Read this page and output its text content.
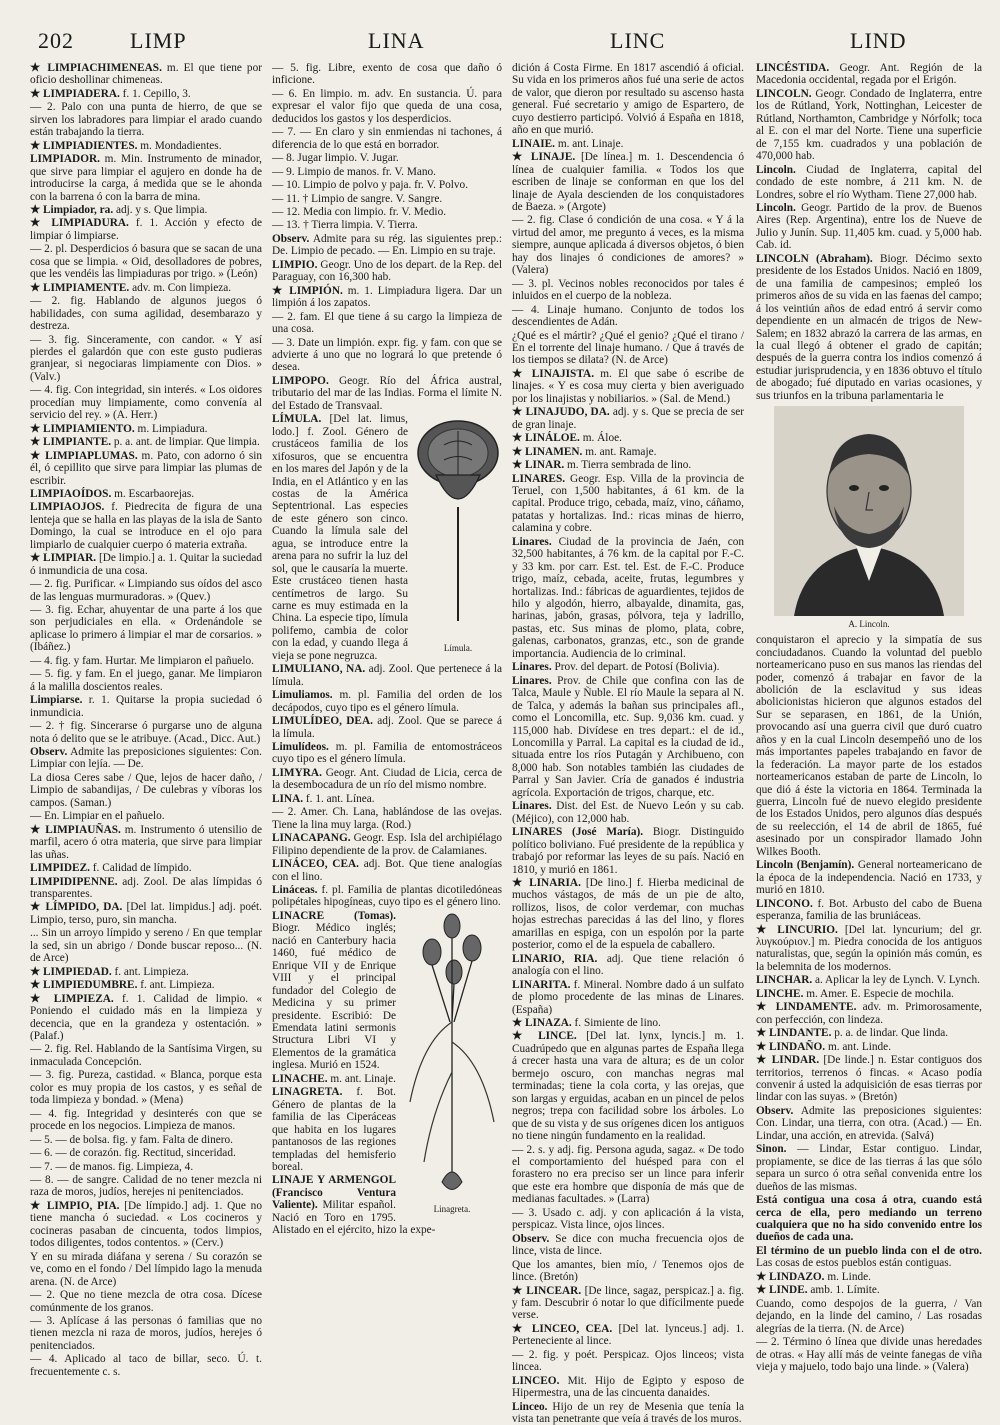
202	LIMP	LINA	LINC	LIND

★ LIMPIACHIMENEAS. m. El que tiene por oficio deshollinar chimeneas.

★ LIMPIADERA. f. 1. Cepillo, 3.

— 2. Palo con una punta de hierro, de que se sirven los labradores para limpiar el arado cuando están trabajando la tierra.

★ LIMPIADIENTES. m. Mondadientes.

LIMPIADOR. m. Min. Instrumento de minador, que sirve para limpiar el agujero en donde ha de introducirse la carga, á medida que se le ahonda con la barrena ó con la barra de mina.

★ Limpiador, ra. adj. y s. Que limpia.

★ LIMPIADURA. f. 1. Acción y efecto de limpiar ó limpiarse.

— 2. pl. Desperdicios ó basura que se sacan de una cosa que se limpia. « Oid, desolladores de pobres, que les vendéis las limpiaduras por trigo. » (León)

★ LIMPIAMENTE. adv. m. Con limpieza.

— 2. fig. Hablando de algunos juegos ó habilidades, con suma agilidad, desembarazo y destreza.

— 3. fig. Sinceramente, con candor. « Y así pierdes el galardón que con este gusto pudieras granjear, si negociaras limpiamente con Dios. » (Valv.)

— 4. fig. Con integridad, sin interés. « Los oidores procedían muy limpiamente, como convenía al servicio del rey. » (A. Herr.)

★ LIMPIAMIENTO. m. Limpiadura.

★ LIMPIANTE. p. a. ant. de limpiar. Que limpia.

★ LIMPIAPLUMAS. m. Pato, con adorno ó sin él, ó cepillito que sirve para limpiar las plumas de escribir.

LIMPIAOÍDOS. m. Escarbaorejas.

LIMPIAOJOS. f. Piedrecita de figura de una lenteja que se halla en las playas de la isla de Santo Domingo, la cual se introduce en el ojo para limpiarlo de cualquier cuerpo ó materia extraña.

★ LIMPIAR. [De limpio.] a. 1. Quitar la suciedad ó inmundicia de una cosa.

— 2. fig. Purificar. « Limpiando sus oídos del asco de las lenguas murmuradoras. » (Quev.)

— 3. fig. Echar, ahuyentar de una parte á los que son perjudiciales en ella. « Ordenándole se aplicase lo primero á limpiar el mar de corsarios. » (Ibáñez.)

— 4. fig. y fam. Hurtar. Me limpiaron el pañuelo.

— 5. fig. y fam. En el juego, ganar. Me limpiaron á la malilla doscientos reales.

Limpiarse. r. 1. Quitarse la propia suciedad ó inmundicia.

— 2. † fig. Sincerarse ó purgarse uno de alguna nota ó delito que se le atribuye. (Acad., Dicc. Aut.)

Observ. Admite las preposiciones siguientes: Con. Limpiar con lejía. — De.

La diosa Ceres sabe / Que, lejos de hacer daño, / Limpio de sabandijas, / De culebras y víboras los campos. (Saman.)

— En. Limpiar en el pañuelo.

★ LIMPIAUÑAS. m. Instrumento ó utensilio de marfil, acero ó otra materia, que sirve para limpiar las uñas.

LIMPIDEZ. f. Calidad de límpido.

LIMPIDIPENNE. adj. Zool. De alas límpidas ó transparentes.

★ LÍMPIDO, DA. [Del lat. limpidus.] adj. poét. Limpio, terso, puro, sin mancha.

... Sin un arroyo límpido y sereno / En que templar la sed, sin un abrigo / Donde buscar reposo... (N. de Arce)

★ LIMPIEDAD. f. ant. Limpieza.

★ LIMPIEDUMBRE. f. ant. Limpieza.

★ LIMPIEZA. f. 1. Calidad de limpio. « Poniendo el cuidado más en la limpieza y decencia, que en la grandeza y ostentación. » (Palaf.)

— 2. fig. Rel. Hablando de la Santísima Virgen, su inmaculada Concepción.

— 3. fig. Pureza, castidad. « Blanca, porque esta color es muy propia de los castos, y es señal de toda limpieza y bondad. » (Mena)

— 4. fig. Integridad y desinterés con que se procede en los negocios. Limpieza de manos.

— 5. — de bolsa. fig. y fam. Falta de dinero.

— 6. — de corazón. fig. Rectitud, sinceridad.

— 7. — de manos. fig. Limpieza, 4.

— 8. — de sangre. Calidad de no tener mezcla ni raza de moros, judíos, herejes ni penitenciados.

★ LIMPIO, PIA. [De límpido.] adj. 1. Que no tiene mancha ó suciedad. « Los cocineros y cocineras pasaban de cincuenta, todos limpios, todos diligentes, todos contentos. » (Cerv.)

Y en su mirada diáfana y serena / Su corazón se ve, como en el fondo / Del límpido lago la menuda arena. (N. de Arce)

— 2. Que no tiene mezcla de otra cosa. Dícese comúnmente de los granos.

— 3. Aplícase á las personas ó familias que no tienen mezcla ni raza de moros, judíos, herejes ó penitenciados.

— 4. Aplicado al taco de billar, seco. Ú. t. frecuentemente c. s.

— 5. fig. Libre, exento de cosa que daño ó inficione.

— 6. En limpio. m. adv. En sustancia. Ú. para expresar el valor fijo que queda de una cosa, deducidos los gastos y los desperdicios.

— 7. — En claro y sin enmiendas ni tachones, á diferencia de lo que está en borrador.

— 8. Jugar limpio. V. Jugar.

— 9. Limpio de manos. fr. V. Mano.

— 10. Limpio de polvo y paja. fr. V. Polvo.

— 11. † Limpio de sangre. V. Sangre.

— 12. Media con limpio. fr. V. Medio.

— 13. † Tierra limpia. V. Tierra.

Observ. Admite para su rég. las siguientes prep.: De. Limpio de pecado. — En. Limpio en su traje.

LIMPIO. Geogr. Uno de los depart. de la Rep. del Paraguay, con 16,300 hab.

★ LIMPIÓN. m. 1. Limpiadura ligera. Dar un limpión á los zapatos.

— 2. fam. El que tiene á su cargo la limpieza de una cosa.

— 3. Date un limpión. expr. fig. y fam. con que se advierte á uno que no logrará lo que pretende ó desea.

LIMPOPO. Geogr. Río del África austral, tributario del mar de las Indias. Forma el límite N. del Estado de Transvaal.

Límula.

LÍMULA. [Del lat. limus, lodo.] f. Zool. Género de crustáceos familia de los xifosuros, que se encuentra en los mares del Japón y de la India, en el Atlántico y en las costas de la América Septentrional. Las especies de este género son cinco. Cuando la límula sale del agua, se introduce entre la arena para no sufrir la luz del sol, que le causaría la muerte. Este crustáceo tienen hasta centímetros de largo. Su carne es muy estimada en la China. La especie tipo, límula polifemo, cambia de color con la edad, y cuando llega á vieja se pone negruzca.

LIMULIANO, NA. adj. Zool. Que pertenece á la límula.

Limuliamos. m. pl. Familia del orden de los decápodos, cuyo tipo es el género límula.

LIMULÍDEO, DEA. adj. Zool. Que se parece á la límula.

Limulídeos. m. pl. Familia de entomostráceos cuyo tipo es el género límula.

LIMYRA. Geogr. Ant. Ciudad de Licia, cerca de la desembocadura de un río del mismo nombre.

LINA. f. 1. ant. Línea.

— 2. Amer. Ch. Lana, hablándose de las ovejas. Tiene la lina muy larga. (Rod.)

LINACAPANG. Geogr. Esp. Isla del archipiélago Filipino dependiente de la prov. de Calamianes.

LINÁCEO, CEA. adj. Bot. Que tiene analogías con el lino.

Lináceas. f. pl. Familia de plantas dicotiledóneas polipétales hipogíneas, cuyo tipo es el género lino.

Linagreta.

LINACRE (Tomas). Biogr. Médico inglés; nació en Canterbury hacia 1460, fué médico de Enrique VII y de Enrique VIII y el principal fundador del Colegio de Medicina y su primer presidente. Escribió: De Emendata latini sermonis Structura Libri VI y Elementos de la gramática inglesa. Murió en 1524.

LINACHE. m. ant. Linaje.

LINAGRETA. f. Bot. Género de plantas de la familia de las Ciperáceas que habita en los lugares pantanosos de las regiones templadas del hemisferio boreal.

LINAJE Y ARMENGOL (Francisco Ventura Valiente). Militar español. Nació en Toro en 1795. Alistado en el ejército, hizo la expe-

dición á Costa Firme. En 1817 ascendió á oficial. Su vida en los primeros años fué una serie de actos de valor, que dieron por resultado su ascenso hasta general. Fué secretario y amigo de Espartero, de cuyo destierro participó. Volvió á España en 1818, año en que murió.

LINAIE. m. ant. Linaje.

★ LINAJE. [De línea.] m. 1. Descendencia ó línea de cualquier familia. « Todos los que escriben de linaje se conforman en que los del linaje de Ayala descienden de los conquistadores de Baeza. » (Argote)

— 2. fig. Clase ó condición de una cosa. « Y á la virtud del amor, me pregunto á veces, es la misma siempre, aunque aplicada á diversos objetos, ó bien hay dos linajes ó condiciones de amores? » (Valera)

— 3. pl. Vecinos nobles reconocidos por tales é inluidos en el cuerpo de la nobleza.

— 4. Linaje humano. Conjunto de todos los descendientes de Adán.

¿Qué es el mártir? ¿Qué el genio? ¿Qué el tirano / En el torrente del linaje humano. / Que á través de los tiempos se dilata? (N. de Arce)

★ LINAJISTA. m. El que sabe ó escribe de linajes. « Y es cosa muy cierta y bien averiguado por los linajistas y nobiliarios. » (Sal. de Mend.)

★ LINAJUDO, DA. adj. y s. Que se precia de ser de gran linaje.

★ LINÁLOE. m. Áloe.

★ LINAMEN. m. ant. Ramaje.

★ LINAR. m. Tierra sembrada de lino.

LINARES. Geogr. Esp. Villa de la provincia de Teruel, con 1,500 habitantes, á 61 km. de la capital. Produce trigo, cebada, maíz, vino, cáñamo, patatas y hortalizas. Ind.: ricas minas de hierro, calamina y cobre.

Linares. Ciudad de la provincia de Jaén, con 32,500 habitantes, á 76 km. de la capital por F.-C. y 33 km. por carr. Est. tel. Est. de F.-C. Produce trigo, maíz, cebada, aceite, frutas, legumbres y hortalizas. Ind.: fábricas de aguardientes, tejidos de hilo y algodón, hierro, albayalde, dinamita, gas, harinas, jabón, grasas, pólvora, teja y ladrillo, pastas, etc. Sus minas de plomo, plata, cobre, galenas, carbonatos, granzas, etc., son de grande importancia. Audiencia de lo criminal.

Linares. Prov. del depart. de Potosí (Bolivia).

Linares. Prov. de Chile que confina con las de Talca, Maule y Ñuble. El río Maule la separa al N. de Talca, y además la bañan sus principales afl., como el Loncomilla, etc. Sup. 9,036 km. cuad. y 115,000 hab. Divídese en tres depart.: el de id., Loncomilla y Parral. La capital es la ciudad de id., situada entre los ríos Putagán y Archibueno, con 8,000 hab. Son notables también las ciudades de Parral y San Javier. Cría de ganados é industria agrícola. Exportación de trigos, charque, etc.

Linares. Dist. del Est. de Nuevo León y su cab. (Méjico), con 12,000 hab.

LINARES (José María). Biogr. Distinguido político boliviano. Fué presidente de la república y trabajó por reformar las leyes de su país. Nació en 1810, y murió en 1861.

★ LINARIA. [De lino.] f. Hierba medicinal de muchos vástagos, de más de un pie de alto, rollizos, lisos, de color verdemar, con muchas hojas estrechas parecidas á las del lino, y flores amarillas en espiga, con un espolón por la parte posterior, como el de la espuela de caballero.

LINARIO, RIA. adj. Que tiene relación ó analogía con el lino.

LINARITA. f. Mineral. Nombre dado á un sulfato de plomo procedente de las minas de Linares. (España)

★ LINAZA. f. Simiente de lino.

★ LINCE. [Del lat. lynx, lyncis.] m. 1. Cuadrúpedo que en algunas partes de España llega á crecer hasta una vara de altura; es de un color bermejo oscuro, con manchas negras mal terminadas; tiene la cola corta, y las orejas, que son largas y erguidas, acaban en un pincel de pelos negros; trepa con facilidad sobre los árboles. Lo que de su vista y de sus orígenes dicen los antiguos no tiene ningún fundamento en la realidad.

— 2. s. y adj. fig. Persona aguda, sagaz. « De todo el comportamiento del huésped para con el forastero no era preciso ser un lince para inferir que este era hombre que disponía de más que de medianas facultades. » (Larra)

— 3. Usado c. adj. y con aplicación á la vista, perspicaz. Vista lince, ojos linces.

Observ. Se dice con mucha frecuencia ojos de lince, vista de lince.

Que los amantes, bien mío, / Tenemos ojos de lince. (Bretón)

★ LINCEAR. [De lince, sagaz, perspicaz.] a. fig. y fam. Descubrir ó notar lo que difícilmente puede verse.

★ LINCEO, CEA. [Del lat. lynceus.] adj. 1. Perteneciente al lince.

— 2. fig. y poét. Perspicaz. Ojos linceos; vista lincea.

LINCEO. Mit. Hijo de Egipto y esposo de Hipermestra, una de las cincuenta danaides.

Linceo. Hijo de un rey de Mesenia que tenía la vista tan penetrante que veía á través de los muros.

LINCÉSTIDA. Geogr. Ant. Región de la Macedonia occidental, regada por el Erigón.

LINCOLN. Geogr. Condado de Inglaterra, entre los de Rútland, York, Nottinghan, Leicester de Rútland, Northamton, Cambridge y Nórfolk; toca al E. con el mar del Norte. Tiene una superficie de 7,155 km. cuadrados y una población de 470,000 hab.

Lincoln. Ciudad de Inglaterra, capital del condado de este nombre, á 211 km. N. de Londres, sobre el río Wytham. Tiene 27,000 hab.

Lincoln. Geogr. Partido de la prov. de Buenos Aires (Rep. Argentina), entre los de Nueve de Julio y Junín. Sup. 11,405 km. cuad. y 5,000 hab. Cab. id.

LINCOLN (Abraham). Biogr. Décimo sexto presidente de los Estados Unidos. Nació en 1809, de una familia de campesinos; empleó los primeros años de su vida en las faenas del campo; á los veintiún años de edad entró á servir como dependiente en un almacén de trigos de New-Salem; en 1832 abrazó la carrera de las armas, en la cual llegó á obtener el grado de capitán; después de la guerra contra los indios comenzó á estudiar jurisprudencia, y en 1836 obtuvo el título de abogado; fué diputado en varias ocasiones, y sus triunfos en la tribuna parlamentaria le

A. Lincoln.

conquistaron el aprecio y la simpatía de sus conciudadanos. Cuando la voluntad del pueblo norteamericano puso en sus manos las riendas del poder, comenzó á trabajar en favor de la abolición de la esclavitud y sus ideas abolicionistas hicieron que algunos estados del Sur se separasen, en 1861, de la Unión, provocando así una guerra civil que duró cuatro años y en la cual Lincoln desempeñó uno de los más importantes papeles trabajando en favor de la federación. La mayor parte de los estados norteamericanos estaban de parte de Lincoln, lo que dió á éste la victoria en 1864. Terminada la guerra, Lincoln fué de nuevo elegido presidente de los Estados Unidos, pero algunos días después de su reelección, el 14 de abril de 1865, fué asesinado por un conspirador llamado John Wilkes Booth.

Lincoln (Benjamín). General norteamericano de la época de la independencia. Nació en 1733, y murió en 1810.

LINCONO. f. Bot. Arbusto del cabo de Buena esperanza, familia de las bruniáceas.

★ LINCURIO. [Del lat. lyncurium; del gr. λυγκούριον.] m. Piedra conocida de los antiguos naturalistas, que, según la opinión más común, es la belemnita de los modernos.

LINCHAR. a. Aplicar la ley de Lynch. V. Lynch.

LINCHE. m. Amer. E. Especie de mochila.

★ LINDAMENTE. adv. m. Primorosamente, con perfección, con lindeza.

★ LINDANTE. p. a. de lindar. Que linda.

★ LINDAÑO. m. ant. Linde.

★ LINDAR. [De linde.] n. Estar contiguos dos territorios, terrenos ó fincas. « Acaso podía convenir á usted la adquisición de esas tierras por lindar con las suyas. » (Bretón)

Observ. Admite las preposiciones siguientes: Con. Lindar, una tierra, con otra. (Acad.) — En. Lindar, una acción, en atrevida. (Salvá)

Sinon. — Lindar, Estar contiguo. Lindar, propiamente, se dice de las tierras á las que sólo separa un surco ó otra señal convenida entre los dueños de las mismas.

Está contigua una cosa á otra, cuando está cerca de ella, pero mediando un terreno cualquiera que no ha sido convenido entre los dueños de cada una.

El término de un pueblo linda con el de otro. Las cosas de estos pueblos están contiguas.

★ LINDAZO. m. Linde.

★ LINDE. amb. 1. Límite.

Cuando, como despojos de la guerra, / Van dejando, en la linde del camino, / Las rosadas alegrías de la tierra. (N. de Arce)

— 2. Término ó línea que divide unas heredades de otras. « Hay allí más de veinte fanegas de viña vieja y majuelo, todo bajo una linde. » (Valera)
